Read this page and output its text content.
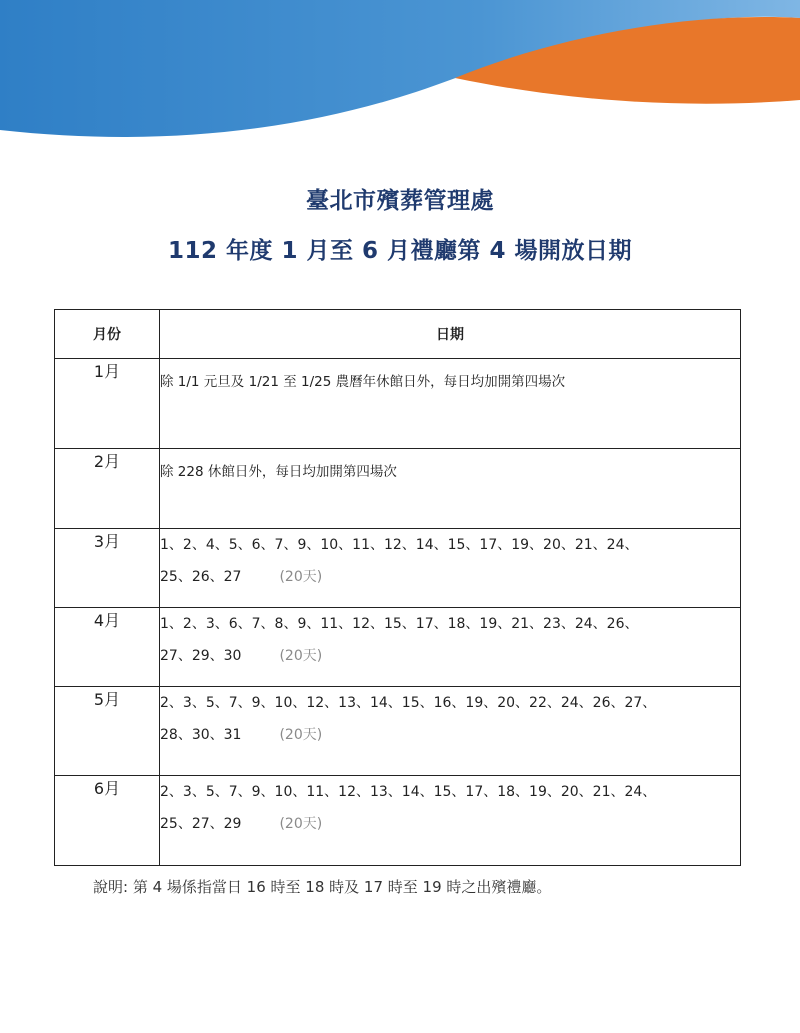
臺北市殯葬管理處
112 年度 1 月至 6 月禮廳第 4 場開放日期
月份	日期
1月	除 1/1 元旦及 1/21 至 1/25 農曆年休館日外，每日均加開第四場次

2月	除 228 休館日外，每日均加開第四場次

3月	1、2、4、5、6、7、9、10、11、12、14、15、17、19、20、21、24、
25、26、27 (20天)

4月	1、2、3、6、7、8、9、11、12、15、17、18、19、21、23、24、26、
27、29、30 (20天)

5月	2、3、5、7、9、10、12、13、14、15、16、19、20、22、24、26、27、
28、30、31 (20天)

6月	2、3、5、7、9、10、11、12、13、14、15、17、18、19、20、21、24、
25、27、29 (20天)
說明: 第 4 場係指當日 16 時至 18 時及 17 時至 19 時之出殯禮廳。
